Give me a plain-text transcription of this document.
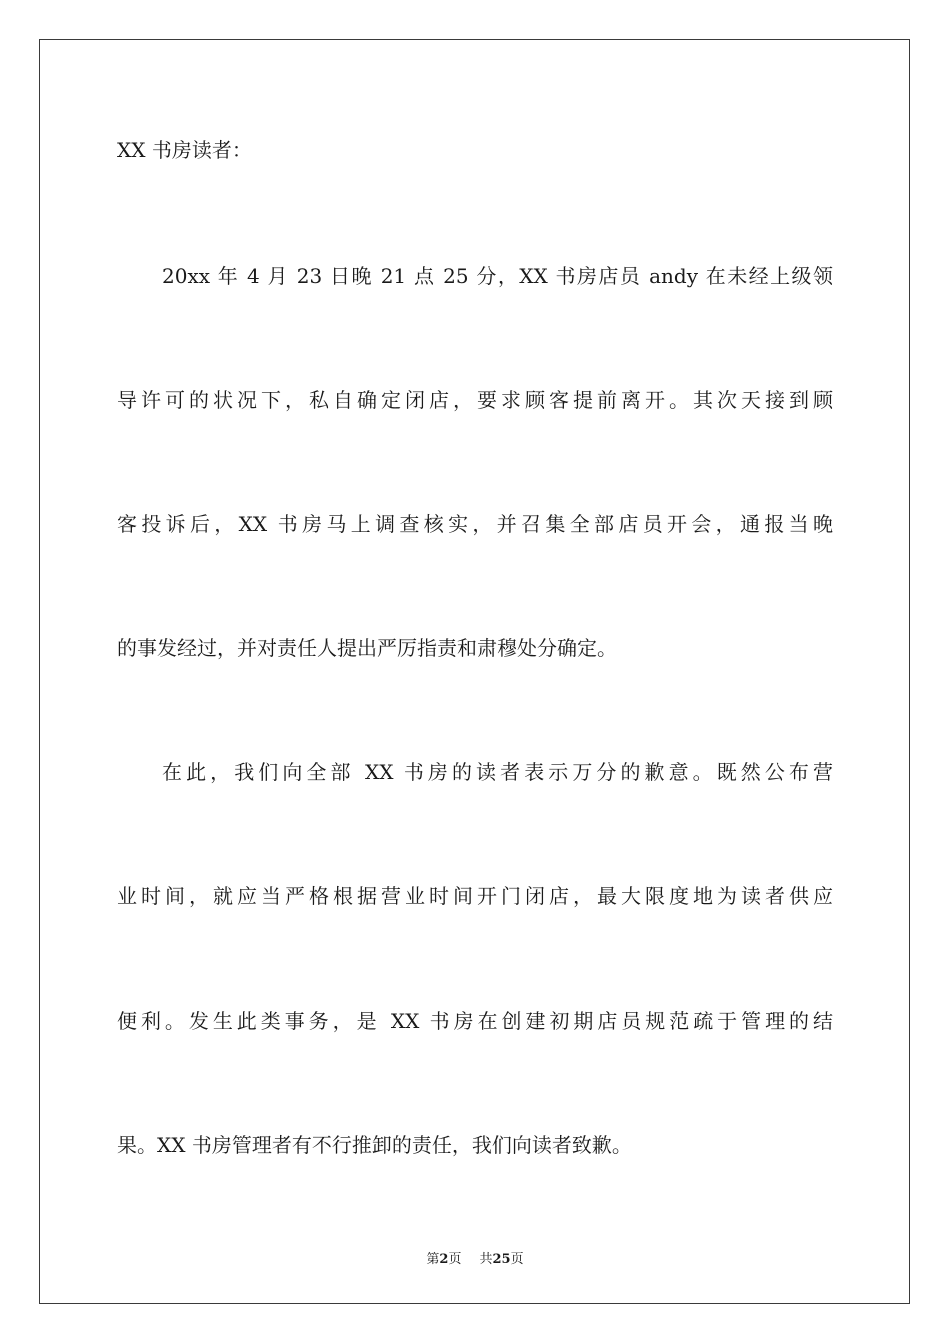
XX 书房读者：
20xx 年 4 月 23 日晚 21 点 25 分，XX 书房店员 andy 在未经上级领
导许可的状况下，私自确定闭店，要求顾客提前离开。其次天接到顾
客投诉后，XX 书房马上调查核实，并召集全部店员开会，通报当晚
的事发经过，并对责任人提出严厉指责和肃穆处分确定。
在此，我们向全部 XX 书房的读者表示万分的歉意。既然公布营
业时间，就应当严格根据营业时间开门闭店，最大限度地为读者供应
便利。发生此类事务，是 XX 书房在创建初期店员规范疏于管理的结
果。XX 书房管理者有不行推卸的责任，我们向读者致歉。
第2页 共25页
